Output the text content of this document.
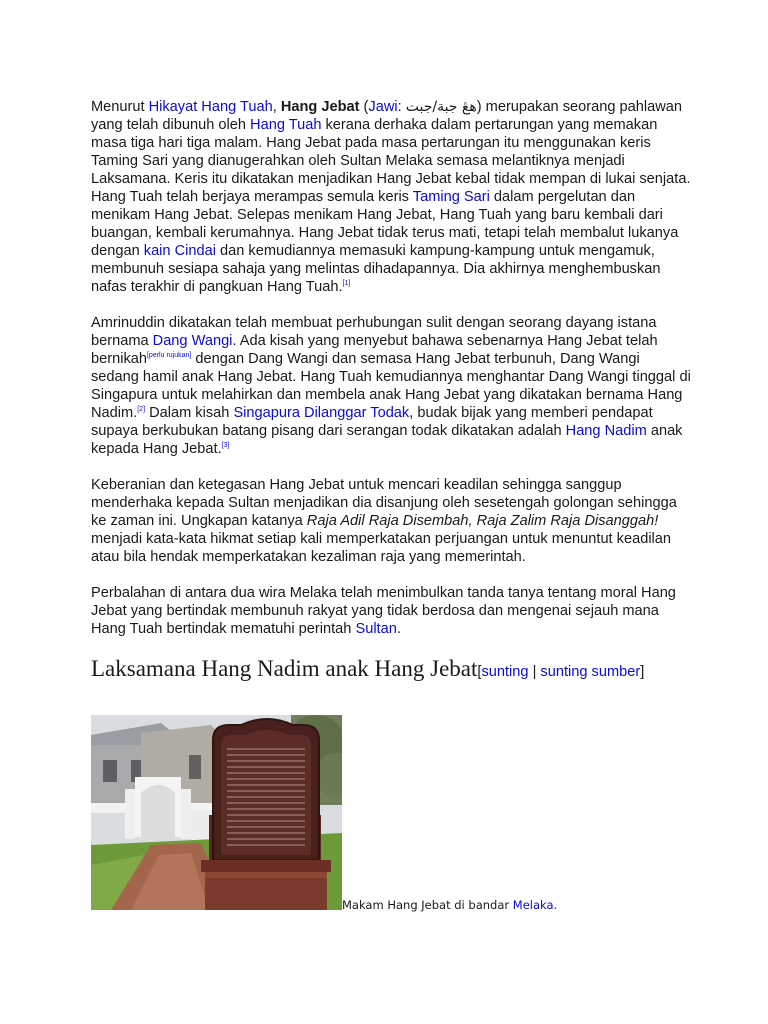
Menurut Hikayat Hang Tuah, Hang Jebat (Jawi: هڠ جبة/جبت) merupakan seorang pahlawan yang telah dibunuh oleh Hang Tuah kerana derhaka dalam pertarungan yang memakan masa tiga hari tiga malam. Hang Jebat pada masa pertarungan itu menggunakan keris Taming Sari yang dianugerahkan oleh Sultan Melaka semasa melantiknya menjadi Laksamana. Keris itu dikatakan menjadikan Hang Jebat kebal tidak mempan di lukai senjata. Hang Tuah telah berjaya merampas semula keris Taming Sari dalam pergelutan dan menikam Hang Jebat. Selepas menikam Hang Jebat, Hang Tuah yang baru kembali dari buangan, kembali kerumahnya. Hang Jebat tidak terus mati, tetapi telah membalut lukanya dengan kain Cindai dan kemudiannya memasuki kampung-kampung untuk mengamuk, membunuh sesiapa sahaja yang melintas dihadapannya. Dia akhirnya menghembuskan nafas terakhir di pangkuan Hang Tuah.[1]

Amrinuddin dikatakan telah membuat perhubungan sulit dengan seorang dayang istana bernama Dang Wangi. Ada kisah yang menyebut bahawa sebenarnya Hang Jebat telah bernikah[perlu rujukan] dengan Dang Wangi dan semasa Hang Jebat terbunuh, Dang Wangi sedang hamil anak Hang Jebat. Hang Tuah kemudiannya menghantar Dang Wangi tinggal di Singapura untuk melahirkan dan membela anak Hang Jebat yang dikatakan bernama Hang Nadim.[2] Dalam kisah Singapura Dilanggar Todak, budak bijak yang memberi pendapat supaya berkubukan batang pisang dari serangan todak dikatakan adalah Hang Nadim anak kepada Hang Jebat.[3]

Keberanian dan ketegasan Hang Jebat untuk mencari keadilan sehingga sanggup menderhaka kepada Sultan menjadikan dia disanjung oleh sesetengah golongan sehingga ke zaman ini. Ungkapan katanya Raja Adil Raja Disembah, Raja Zalim Raja Disanggah! menjadi kata-kata hikmat setiap kali memperkatakan perjuangan untuk menuntut keadilan atau bila hendak memperkatakan kezaliman raja yang memerintah.

Perbalahan di antara dua wira Melaka telah menimbulkan tanda tanya tentang moral Hang Jebat yang bertindak membunuh rakyat yang tidak berdosa dan mengenai sejauh mana Hang Tuah bertindak mematuhi perintah Sultan.

Laksamana Hang Nadim anak Hang Jebat[sunting | sunting sumber]
Makam Hang Jebat di bandar Melaka.
